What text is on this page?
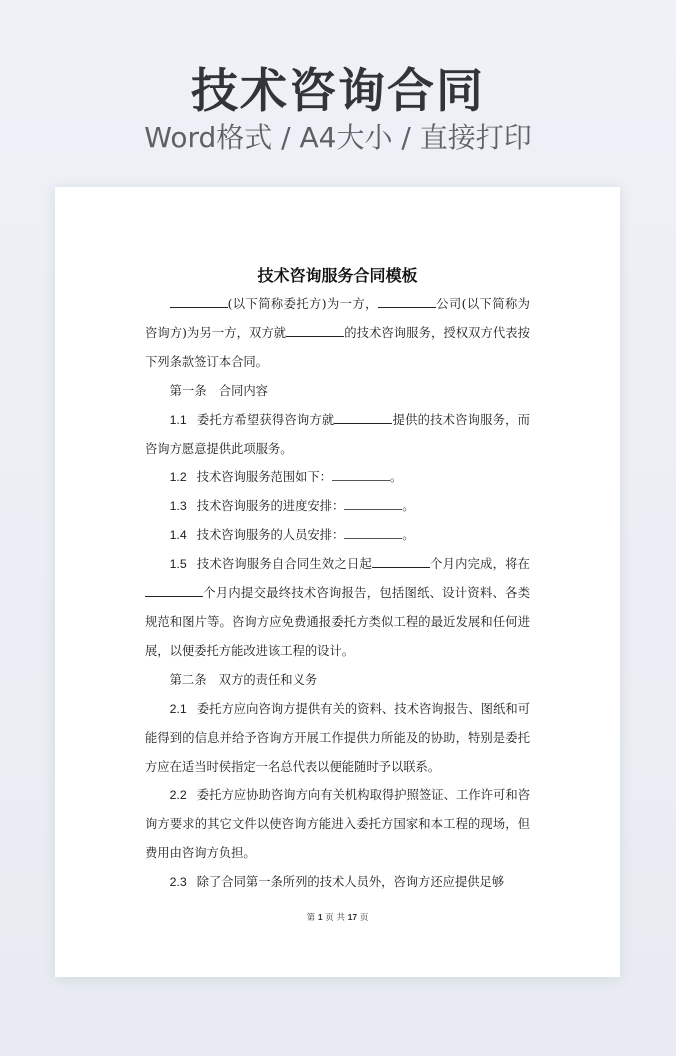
技术咨询合同
Word格式 / A4大小 / 直接打印
技术咨询服务合同模板

(以下简称委托方)为一方，	公司(以下简称为咨询方)为另一方，双方就	的技术咨询服务，授权双方代表按下列条款签订本合同。

第一条　合同内容

1.1 委托方希望获得咨询方就	提供的技术咨询服务，而咨询方愿意提供此项服务。

1.2 技术咨询服务范围如下：	。

1.3 技术咨询服务的进度安排：	。

1.4 技术咨询服务的人员安排：	。

1.5 技术咨询服务自合同生效之日起	个月内完成，将在个月内提交最终技术咨询报告，包括图纸、设计资料、各类规范和图片等。咨询方应免费通报委托方类似工程的最近发展和任何进展，以便委托方能改进该工程的设计。

第二条　双方的责任和义务

2.1 委托方应向咨询方提供有关的资料、技术咨询报告、图纸和可能得到的信息并给予咨询方开展工作提供力所能及的协助，特别是委托方应在适当时侯指定一名总代表以便能随时予以联系。

2.2 委托方应协助咨询方向有关机构取得护照签证、工作许可和咨询方要求的其它文件以使咨询方能进入委托方国家和本工程的现场，但费用由咨询方负担。

2.3 除了合同第一条所列的技术人员外，咨询方还应提供足够

第 1 页 共 17 页
